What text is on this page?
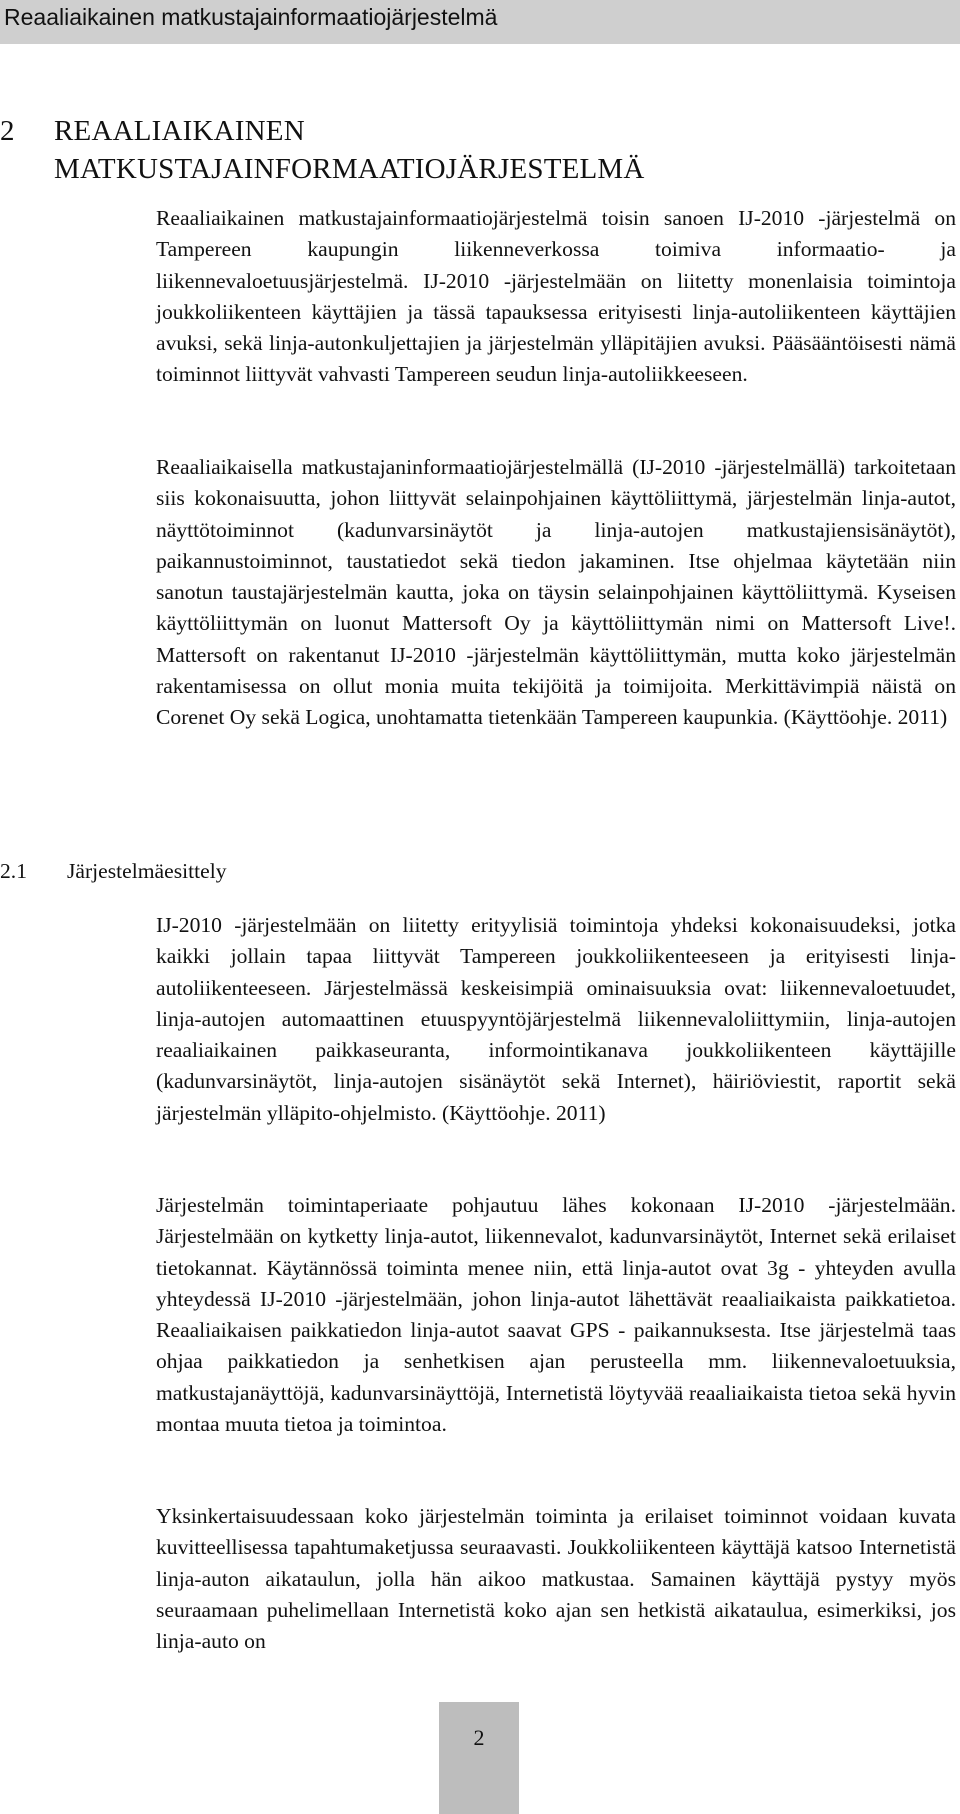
Reaaliaikainen matkustajainformaatiojärjestelmä
2 REAALIAIKAINEN MATKUSTAJAINFORMAATIOJÄRJESTELMÄ

Reaaliaikainen matkustajainformaatiojärjestelmä toisin sanoen IJ-2010 -järjestelmä on Tampereen kaupungin liikenneverkossa toimiva informaatio- ja liikennevaloetuusjärjestelmä. IJ-2010 -järjestelmään on liitetty monenlaisia toimintoja joukkoliikenteen käyttäjien ja tässä tapauksessa erityisesti linja-autoliikenteen käyttäjien avuksi, sekä linja-autonkuljettajien ja järjestelmän ylläpitäjien avuksi. Pääsääntöisesti nämä toiminnot liittyvät vahvasti Tampereen seudun linja-autoliikkeeseen.

Reaaliaikaisella matkustajaninformaatiojärjestelmällä (IJ-2010 -järjestelmällä) tarkoitetaan siis kokonaisuutta, johon liittyvät selainpohjainen käyttöliittymä, järjestelmän linja-autot, näyttötoiminnot (kadunvarsinäytöt ja linja-autojen matkustajiensisänäytöt), paikannustoiminnot, taustatiedot sekä tiedon jakaminen. Itse ohjelmaa käytetään niin sanotun taustajärjestelmän kautta, joka on täysin selainpohjainen käyttöliittymä. Kyseisen käyttöliittymän on luonut Mattersoft Oy ja käyttöliittymän nimi on Mattersoft Live!. Mattersoft on rakentanut IJ-2010 -järjestelmän käyttöliittymän, mutta koko järjestelmän rakentamisessa on ollut monia muita tekijöitä ja toimijoita. Merkittävimpiä näistä on Corenet Oy sekä Logica, unohtamatta tietenkään Tampereen kaupunkia. (Käyttöohje. 2011)

2.1 Järjestelmäesittely

IJ-2010 -järjestelmään on liitetty erityylisiä toimintoja yhdeksi kokonaisuudeksi, jotka kaikki jollain tapaa liittyvät Tampereen joukkoliikenteeseen ja erityisesti linja-autoliikenteeseen. Järjestelmässä keskeisimpiä ominaisuuksia ovat: liikennevaloetuudet, linja-autojen automaattinen etuuspyyntöjärjestelmä liikennevaloliittymiin, linja-autojen reaaliaikainen paikkaseuranta, informointikanava joukkoliikenteen käyttäjille (kadunvarsinäytöt, linja-autojen sisänäytöt sekä Internet), häiriöviestit, raportit sekä järjestelmän ylläpito-ohjelmisto. (Käyttöohje. 2011)

Järjestelmän toimintaperiaate pohjautuu lähes kokonaan IJ-2010 -järjestelmään. Järjestelmään on kytketty linja-autot, liikennevalot, kadunvarsinäytöt, Internet sekä erilaiset tietokannat. Käytännössä toiminta menee niin, että linja-autot ovat 3g - yhteyden avulla yhteydessä IJ-2010 -järjestelmään, johon linja-autot lähettävät reaaliaikaista paikkatietoa. Reaaliaikaisen paikkatiedon linja-autot saavat GPS - paikannuksesta. Itse järjestelmä taas ohjaa paikkatiedon ja senhetkisen ajan perusteella mm. liikennevaloetuuksia, matkustajanäyttöjä, kadunvarsinäyttöjä, Internetistä löytyvää reaaliaikaista tietoa sekä hyvin montaa muuta tietoa ja toimintoa.

Yksinkertaisuudessaan koko järjestelmän toiminta ja erilaiset toiminnot voidaan kuvata kuvitteellisessa tapahtumaketjussa seuraavasti. Joukkoliikenteen käyttäjä katsoo Internetistä linja-auton aikataulun, jolla hän aikoo matkustaa. Samainen käyttäjä pystyy myös seuraamaan puhelimellaan Internetistä koko ajan sen hetkistä aikataulua, esimerkiksi, jos linja-auto on

2
